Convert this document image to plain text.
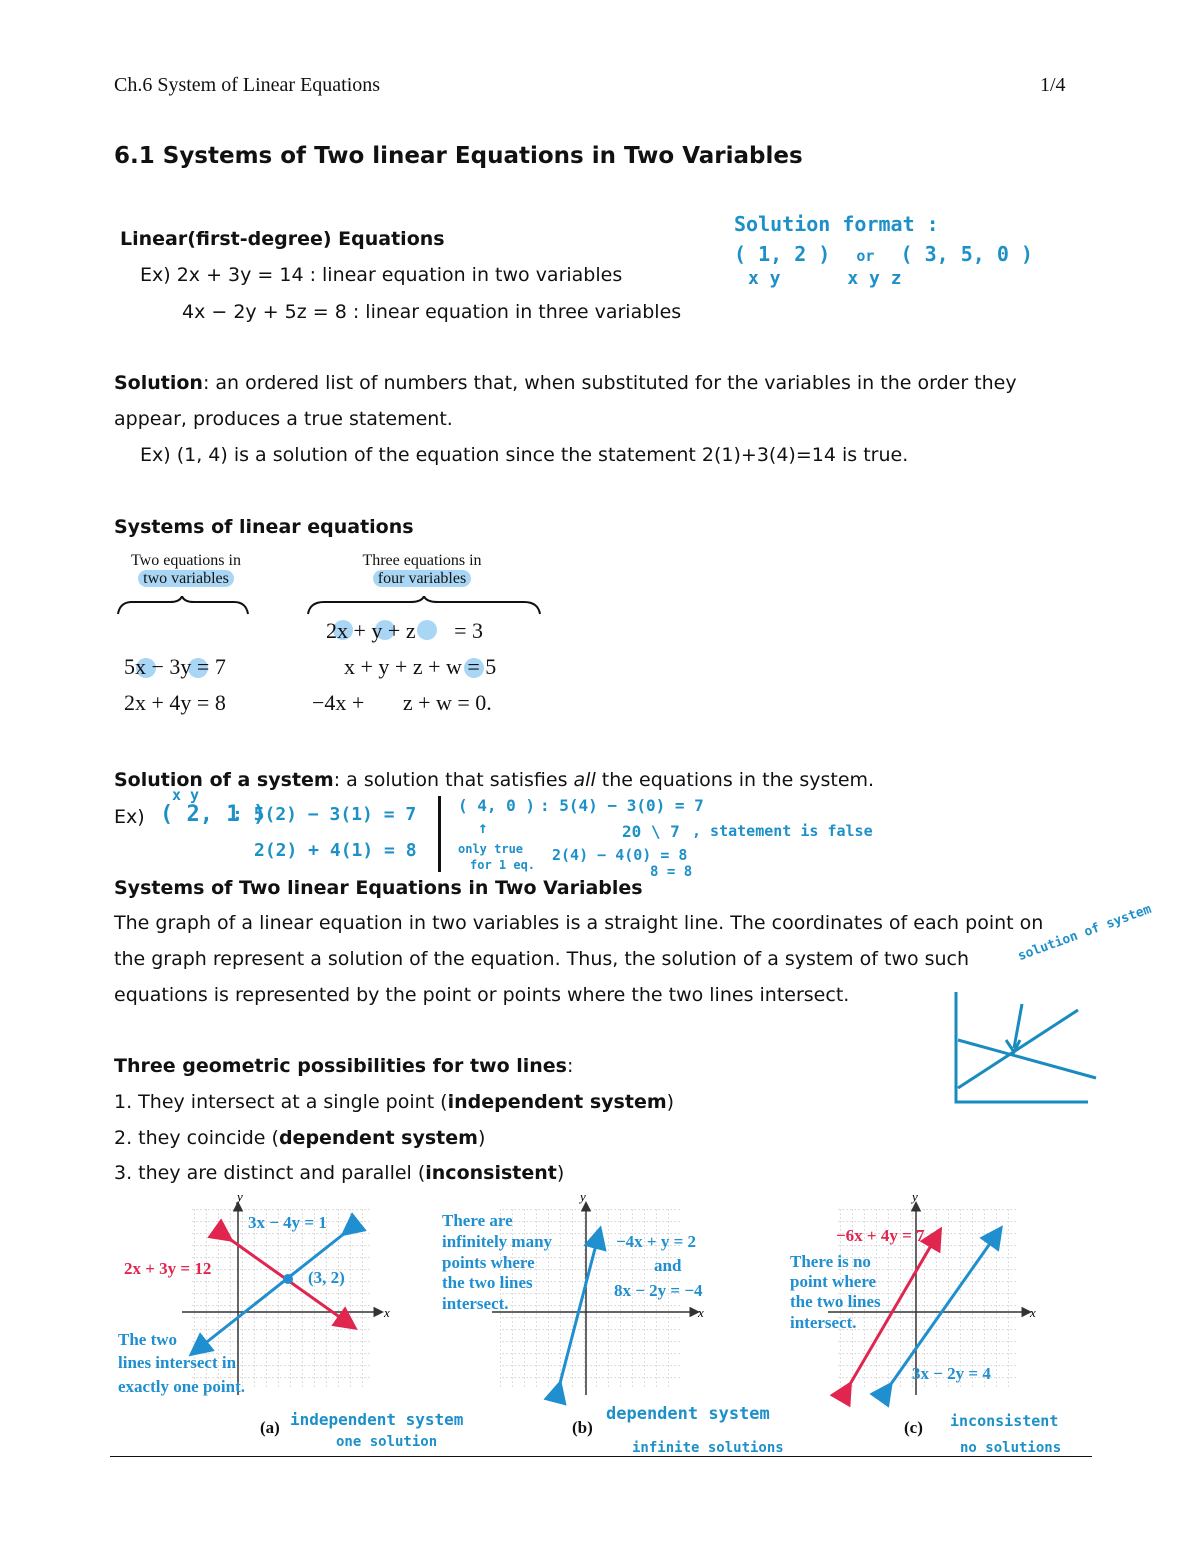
Ch.6 System of Linear Equations	1/4
6.1 Systems of Two linear Equations in Two Variables
Solution format :
( 1, 2 ) or ( 3, 5, 0 )
x y	x y z
Linear(first-degree) Equations
Ex) 2x + 3y = 14 : linear equation in two variables
4x − 2y + 5z = 8 : linear equation in three variables
Solution: an ordered list of numbers that, when substituted for the variables in the order they
appear, produces a true statement.
Ex) (1, 4) is a solution of the equation since the statement 2(1)+3(4)=14 is true.
Systems of linear equations
Two equations in
two variables
Three equations in
four variables
5x − 3y = 7
2x + 4y = 8
2x + y + z       = 3
x + y + z + w = 5
−4x +       z + w = 0.
Solution of a system: a solution that satisfies all the equations in the system.
Ex)
x y
( 2, 1 )
: 5(2) − 3(1) = 7
2(2) + 4(1) = 8
( 4, 0 ) : 5(4) − 3(0) = 7
↑	20 \ 7 , statement is false
only true
for 1 eq.
2(4) − 4(0) = 8
8 = 8
Systems of Two linear Equations in Two Variables
The graph of a linear equation in two variables is a straight line. The coordinates of each point on
the graph represent a solution of the equation. Thus, the solution of a system of two such
equations is represented by the point or points where the two lines intersect.
solution of system
Three geometric possibilities for two lines:
1. They intersect at a single point (independent system)
2. they coincide (dependent system)
3. they are distinct and parallel (inconsistent)
y
x
3x − 4y = 1
2x + 3y = 12	(3, 2)
The two
lines intersect in
exactly one point.
(a) independent system
one solution
y
x
There are
infinitely many
points where
the two lines
intersect.
−4x + y = 2
and
8x − 2y = −4
(b)
dependent system
infinite solutions
y
x
−6x + 4y = 7
There is no
point where
the two lines
intersect.
3x − 2y = 4
(c) inconsistent
no solutions
